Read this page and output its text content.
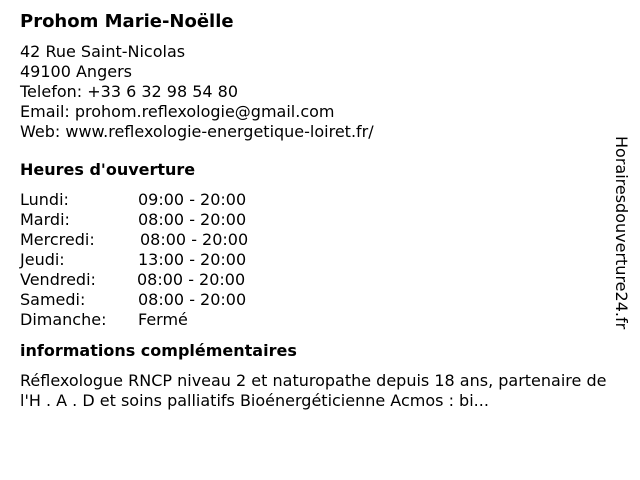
Prohom Marie-Noëlle
42 Rue Saint-Nicolas
49100 Angers
Telefon: +33 6 32 98 54 80
Email: prohom.reflexologie@gmail.com
Web: www.reflexologie-energetique-loiret.fr/
Heures d'ouverture
Lundi:	09:00 - 20:00
Mardi:	08:00 - 20:00
Mercredi:	08:00 - 20:00
Jeudi:	13:00 - 20:00
Vendredi:	08:00 - 20:00
Samedi:	08:00 - 20:00
Dimanche:	Fermé
informations complémentaires
Réflexologue RNCP niveau 2 et naturopathe depuis 18 ans, partenaire de l'H . A . D et soins palliatifs Bioénergéticienne Acmos : bi...
Horairesdouverture24.fr
